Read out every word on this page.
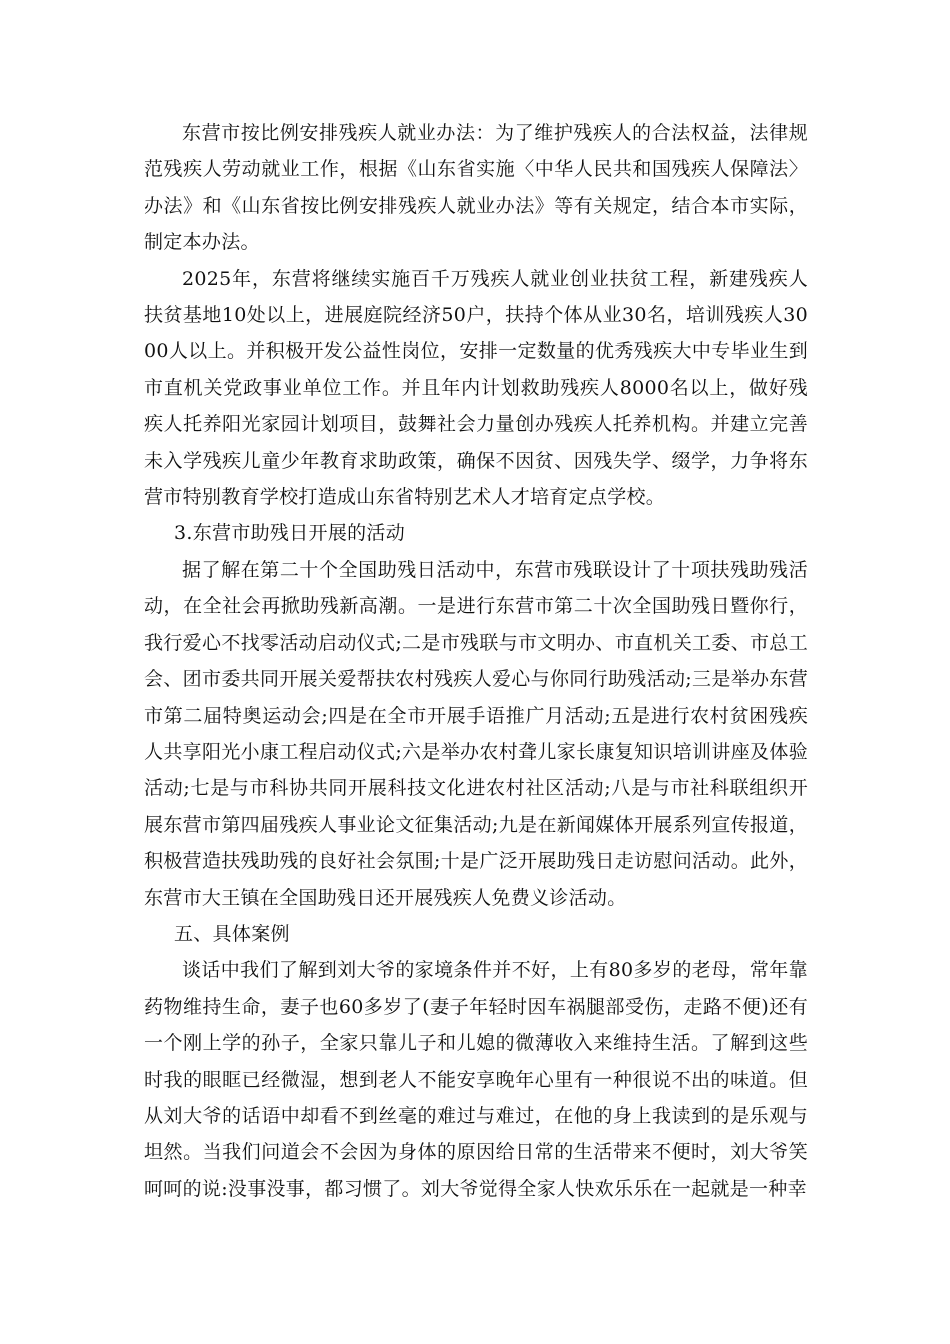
东营市按比例安排残疾人就业办法：为了维护残疾人的合法权益，法律规范残疾人劳动就业工作，根据《山东省实施〈中华人民共和国残疾人保障法〉办法》和《山东省按比例安排残疾人就业办法》等有关规定，结合本市实际，制定本办法。

2025年，东营将继续实施百千万残疾人就业创业扶贫工程，新建残疾人扶贫基地10处以上，进展庭院经济50户，扶持个体从业30名，培训残疾人3000人以上。并积极开发公益性岗位，安排一定数量的优秀残疾大中专毕业生到市直机关党政事业单位工作。并且年内计划救助残疾人8000名以上，做好残疾人托养阳光家园计划项目，鼓舞社会力量创办残疾人托养机构。并建立完善未入学残疾儿童少年教育求助政策，确保不因贫、因残失学、缀学，力争将东营市特别教育学校打造成山东省特别艺术人才培育定点学校。

3.东营市助残日开展的活动

据了解在第二十个全国助残日活动中，东营市残联设计了十项扶残助残活动，在全社会再掀助残新高潮。一是进行东营市第二十次全国助残日暨你行，我行爱心不找零活动启动仪式;二是市残联与市文明办、市直机关工委、市总工会、团市委共同开展关爱帮扶农村残疾人爱心与你同行助残活动;三是举办东营市第二届特奥运动会;四是在全市开展手语推广月活动;五是进行农村贫困残疾人共享阳光小康工程启动仪式;六是举办农村聋儿家长康复知识培训讲座及体验活动;七是与市科协共同开展科技文化进农村社区活动;八是与市社科联组织开展东营市第四届残疾人事业论文征集活动;九是在新闻媒体开展系列宣传报道，积极营造扶残助残的良好社会氛围;十是广泛开展助残日走访慰问活动。此外，东营市大王镇在全国助残日还开展残疾人免费义诊活动。

五、具体案例

谈话中我们了解到刘大爷的家境条件并不好，上有80多岁的老母，常年靠药物维持生命，妻子也60多岁了(妻子年轻时因车祸腿部受伤，走路不便)还有一个刚上学的孙子，全家只靠儿子和儿媳的微薄收入来维持生活。了解到这些时我的眼眶已经微湿，想到老人不能安享晚年心里有一种很说不出的味道。但从刘大爷的话语中却看不到丝毫的难过与难过，在他的身上我读到的是乐观与坦然。当我们问道会不会因为身体的原因给日常的生活带来不便时，刘大爷笑呵呵的说:没事没事，都习惯了。刘大爷觉得全家人快欢乐乐在一起就是一种幸
